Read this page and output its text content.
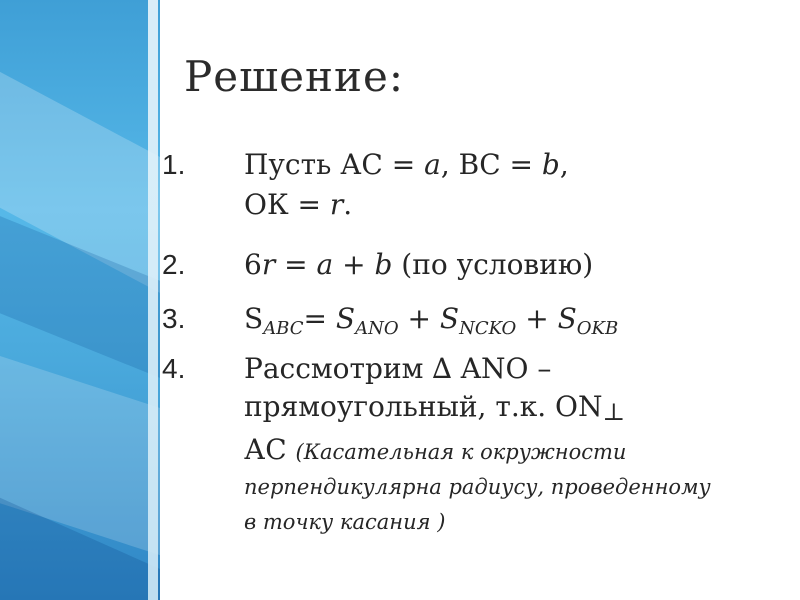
Решение:
1.	Пусть АС = a, ВС = b,
ОК = r.
2.	6r = a + b (по условию)
3.	$S_{ABC}= S_{ANO} + S_{NCKO} + S_{OKB}$
4.	Рассмотрим ∆ ANO –
прямоугольный, т.к. $ON_\perp$
АС (Касательная к окружности перпендикулярна радиусу, проведенному в точку касания )
